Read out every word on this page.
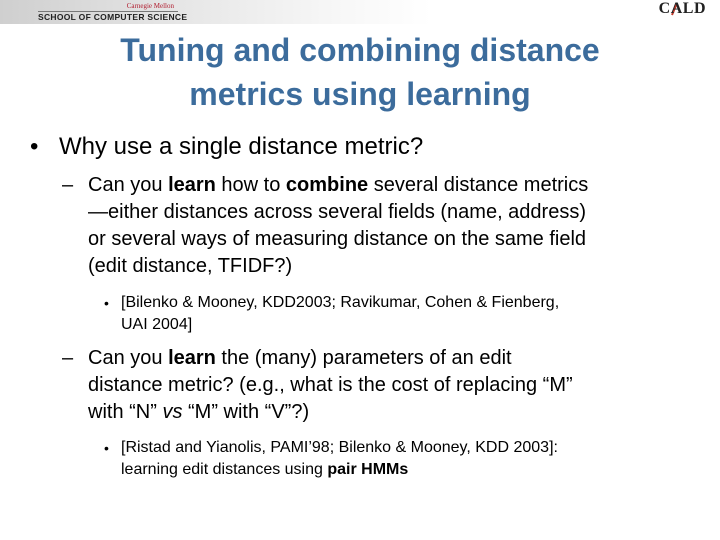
Carnegie Mellon
SCHOOL OF COMPUTER SCIENCE	CALD
Tuning and combining distance
metrics using learning
• Why use a single distance metric?
– Can you learn how to combine several distance metrics
—either distances across several fields (name, address)
or several ways of measuring distance on the same field
(edit distance, TFIDF?)
• [Bilenko & Mooney, KDD2003; Ravikumar, Cohen & Fienberg,
UAI 2004]
– Can you learn the (many) parameters of an edit
distance metric? (e.g., what is the cost of replacing “M”
with “N” vs “M” with “V”?)
• [Ristad and Yianolis, PAMI’98; Bilenko & Mooney, KDD 2003]:
learning edit distances using pair HMMs
